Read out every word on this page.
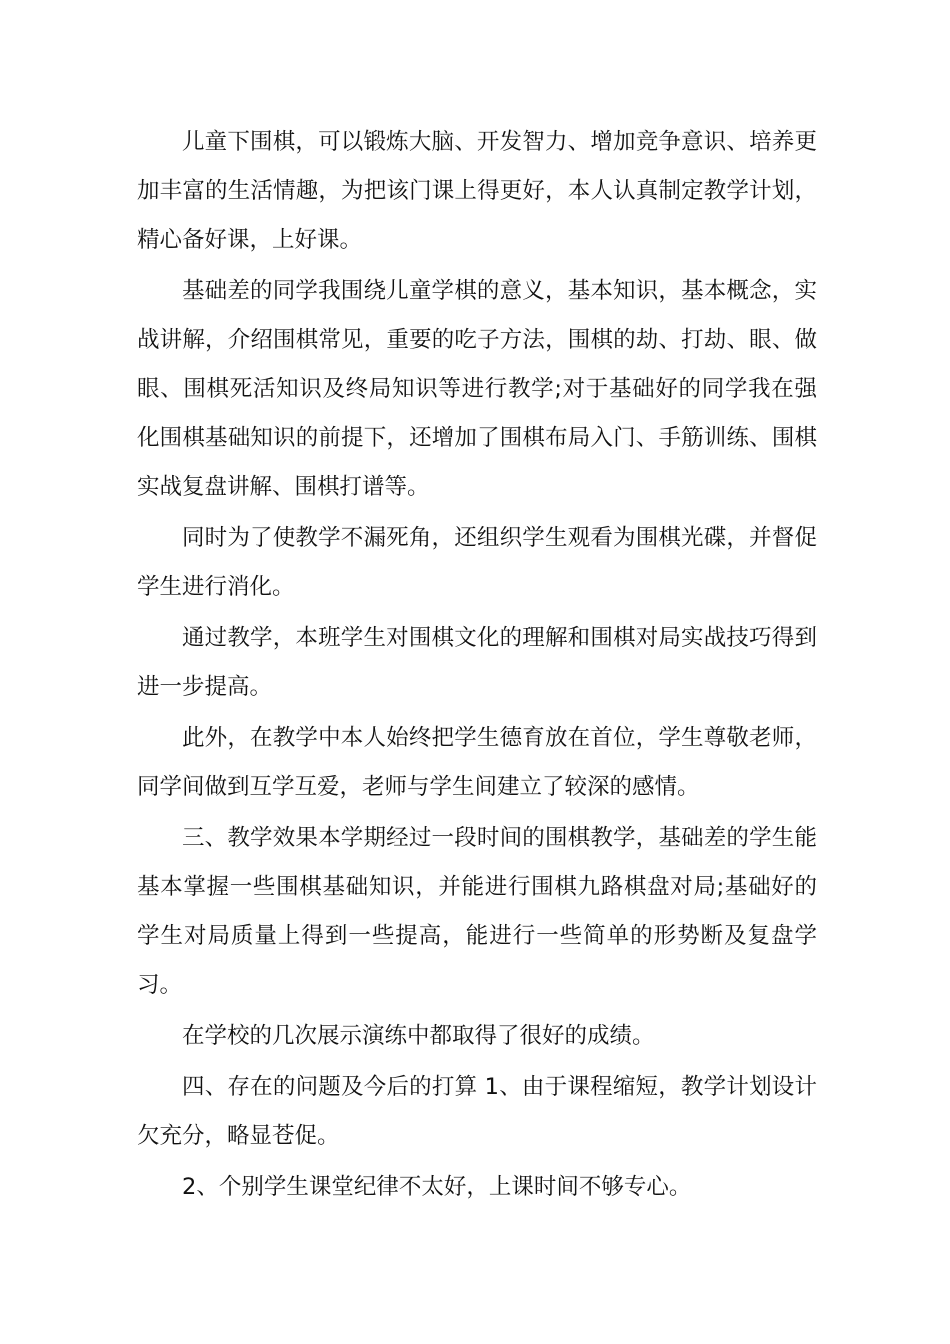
儿童下围棋，可以锻炼大脑、开发智力、增加竞争意识、培养更加丰富的生活情趣，为把该门课上得更好，本人认真制定教学计划，精心备好课，上好课。

基础差的同学我围绕儿童学棋的意义，基本知识，基本概念，实战讲解，介绍围棋常见，重要的吃子方法，围棋的劫、打劫、眼、做眼、围棋死活知识及终局知识等进行教学;对于基础好的同学我在强化围棋基础知识的前提下，还增加了围棋布局入门、手筋训练、围棋实战复盘讲解、围棋打谱等。

同时为了使教学不漏死角，还组织学生观看为围棋光碟，并督促学生进行消化。

通过教学，本班学生对围棋文化的理解和围棋对局实战技巧得到进一步提高。

此外，在教学中本人始终把学生德育放在首位，学生尊敬老师，同学间做到互学互爱，老师与学生间建立了较深的感情。

三、教学效果本学期经过一段时间的围棋教学，基础差的学生能基本掌握一些围棋基础知识，并能进行围棋九路棋盘对局;基础好的学生对局质量上得到一些提高，能进行一些简单的形势断及复盘学习。

在学校的几次展示演练中都取得了很好的成绩。

四、存在的问题及今后的打算 1、由于课程缩短，教学计划设计欠充分，略显苍促。

2、个别学生课堂纪律不太好，上课时间不够专心。
